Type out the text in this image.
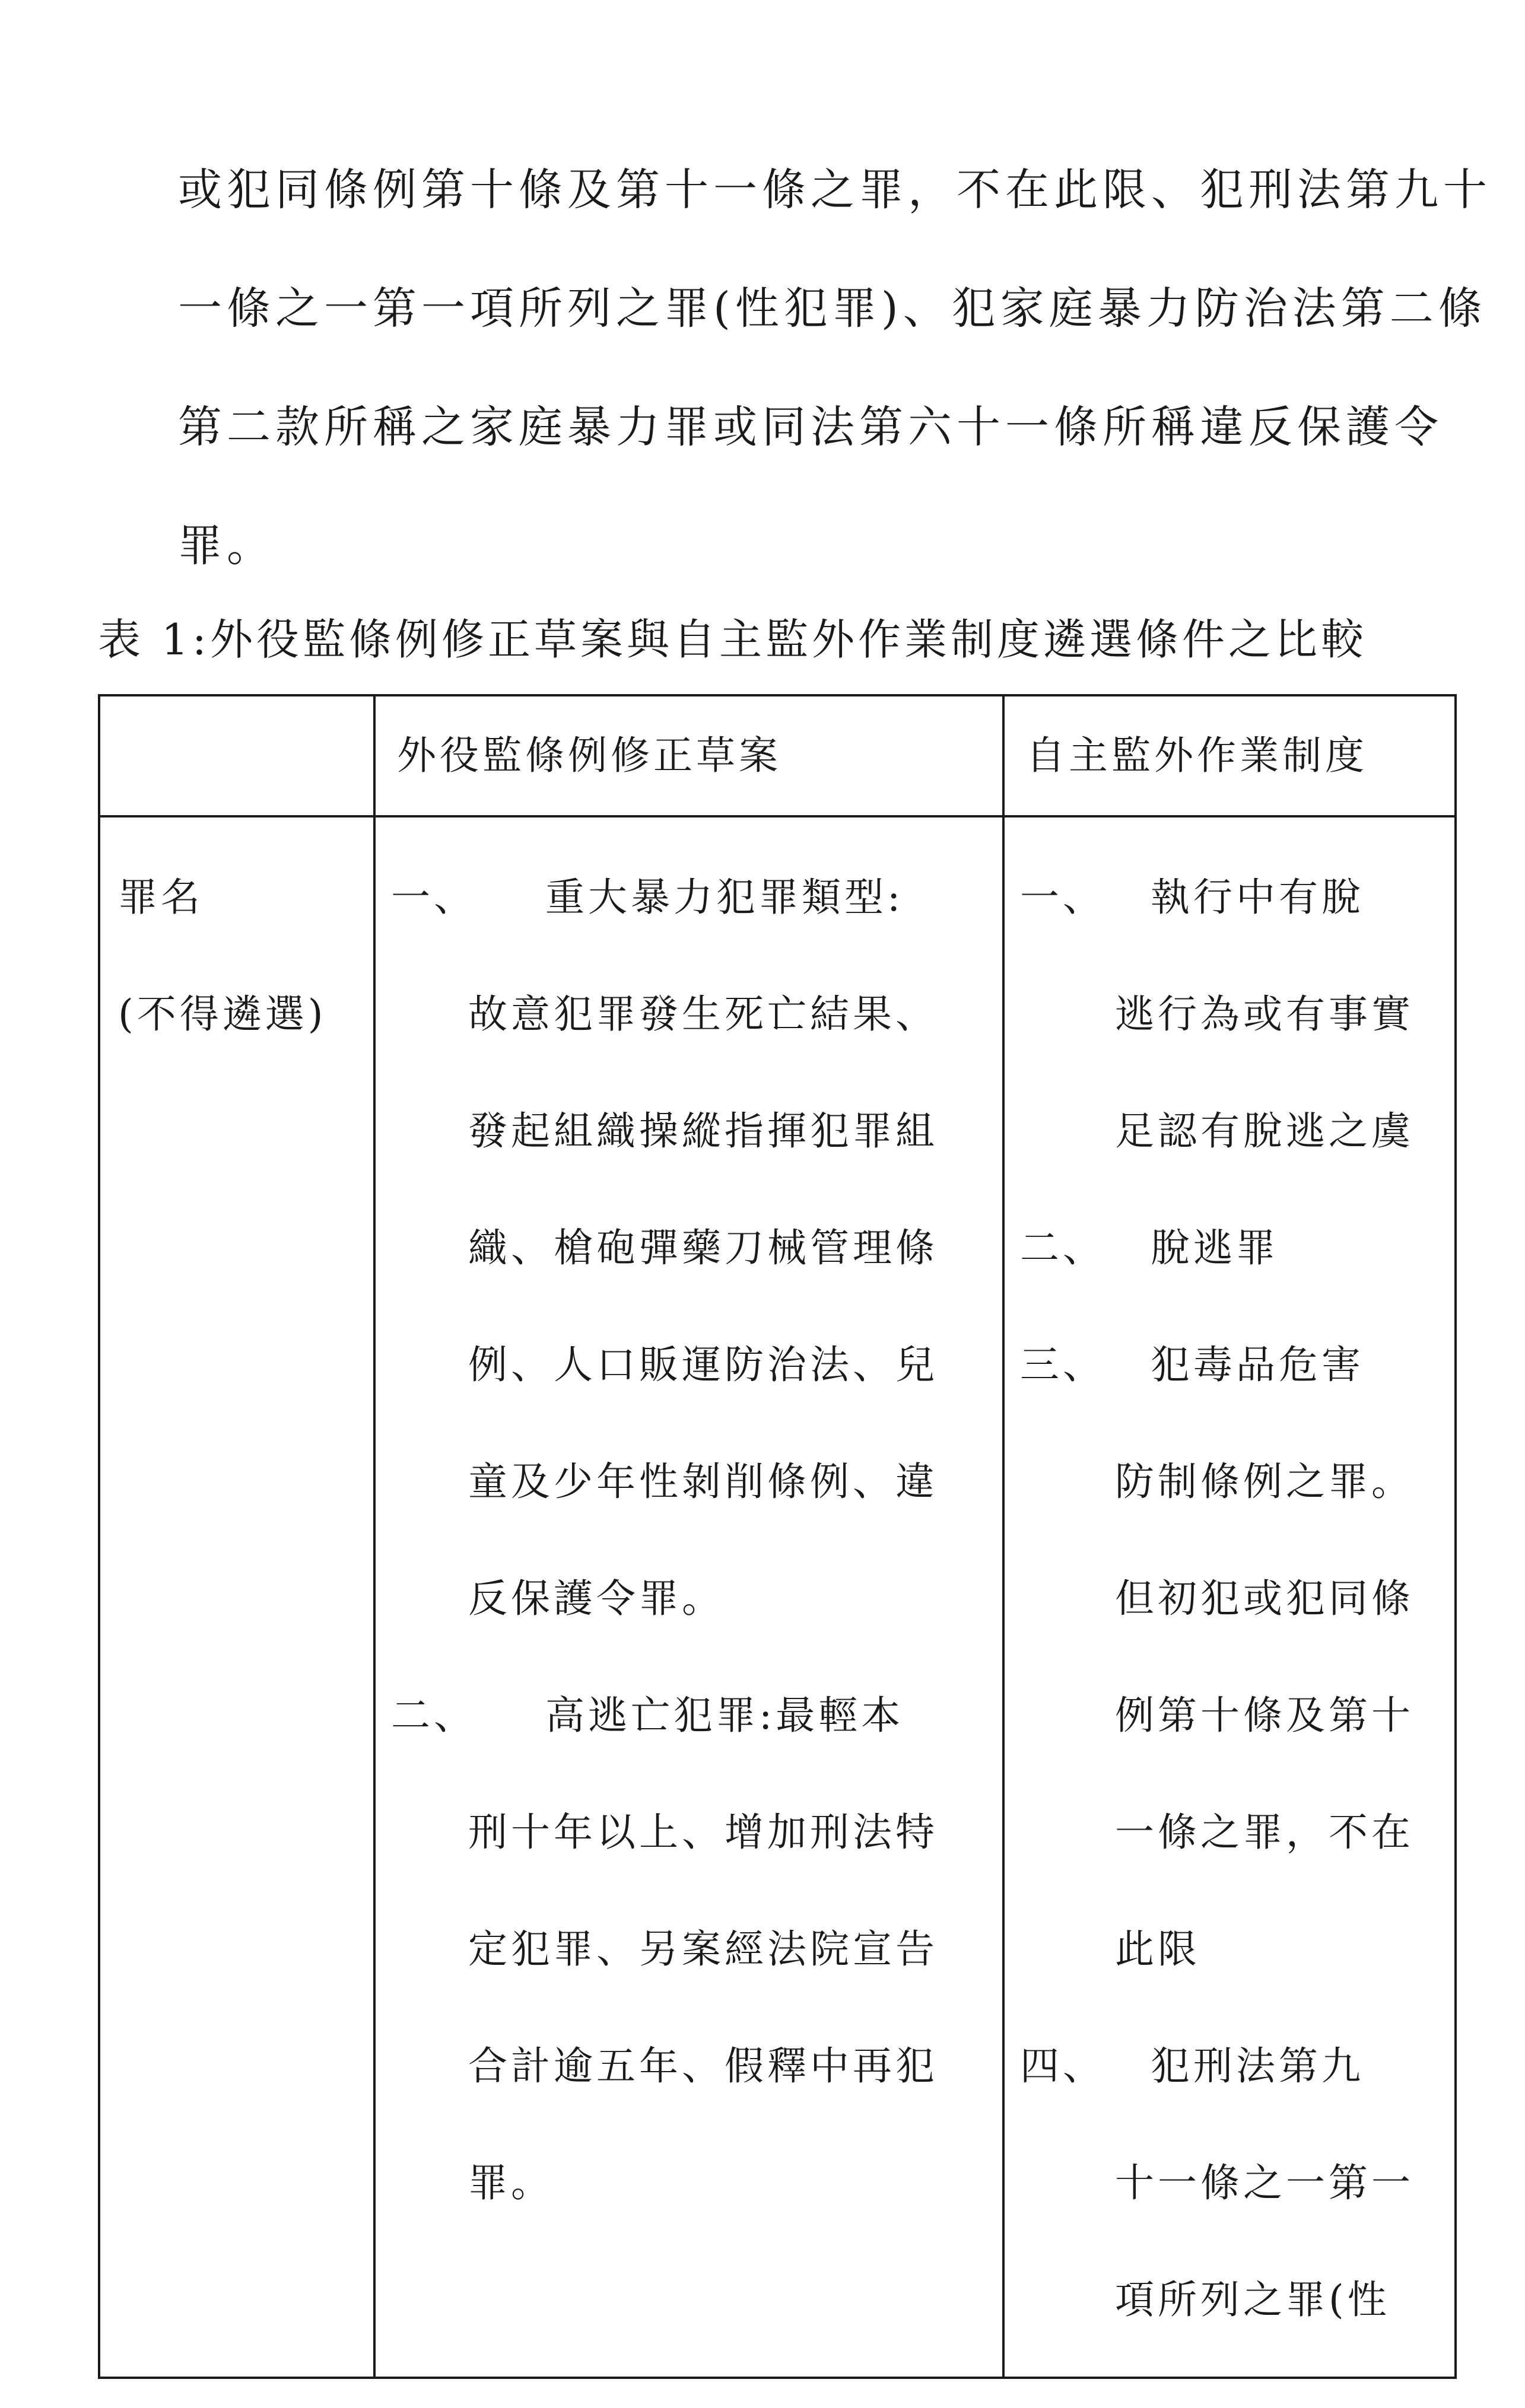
或犯同條例第十條及第十一條之罪，不在此限、犯刑法第九十
一條之一第一項所列之罪(性犯罪)、犯家庭暴力防治法第二條
第二款所稱之家庭暴力罪或同法第六十一條所稱違反保護令
罪。

表 1:外役監條例修正草案與自主監外作業制度遴選條件之比較

外役監條例修正草案	自主監外作業制度
罪名
(不得遴選)
一、 重大暴力犯罪類型:
故意犯罪發生死亡結果、
發起組織操縱指揮犯罪組
織、槍砲彈藥刀械管理條
例、人口販運防治法、兒
童及少年性剝削條例、違
反保護令罪。
二、 高逃亡犯罪:最輕本
刑十年以上、增加刑法特
定犯罪、另案經法院宣告
合計逾五年、假釋中再犯
罪。
一、 執行中有脫
逃行為或有事實
足認有脫逃之虞
二、 脫逃罪
三、 犯毒品危害
防制條例之罪。
但初犯或犯同條
例第十條及第十
一條之罪，不在
此限
四、 犯刑法第九
十一條之一第一
項所列之罪(性
